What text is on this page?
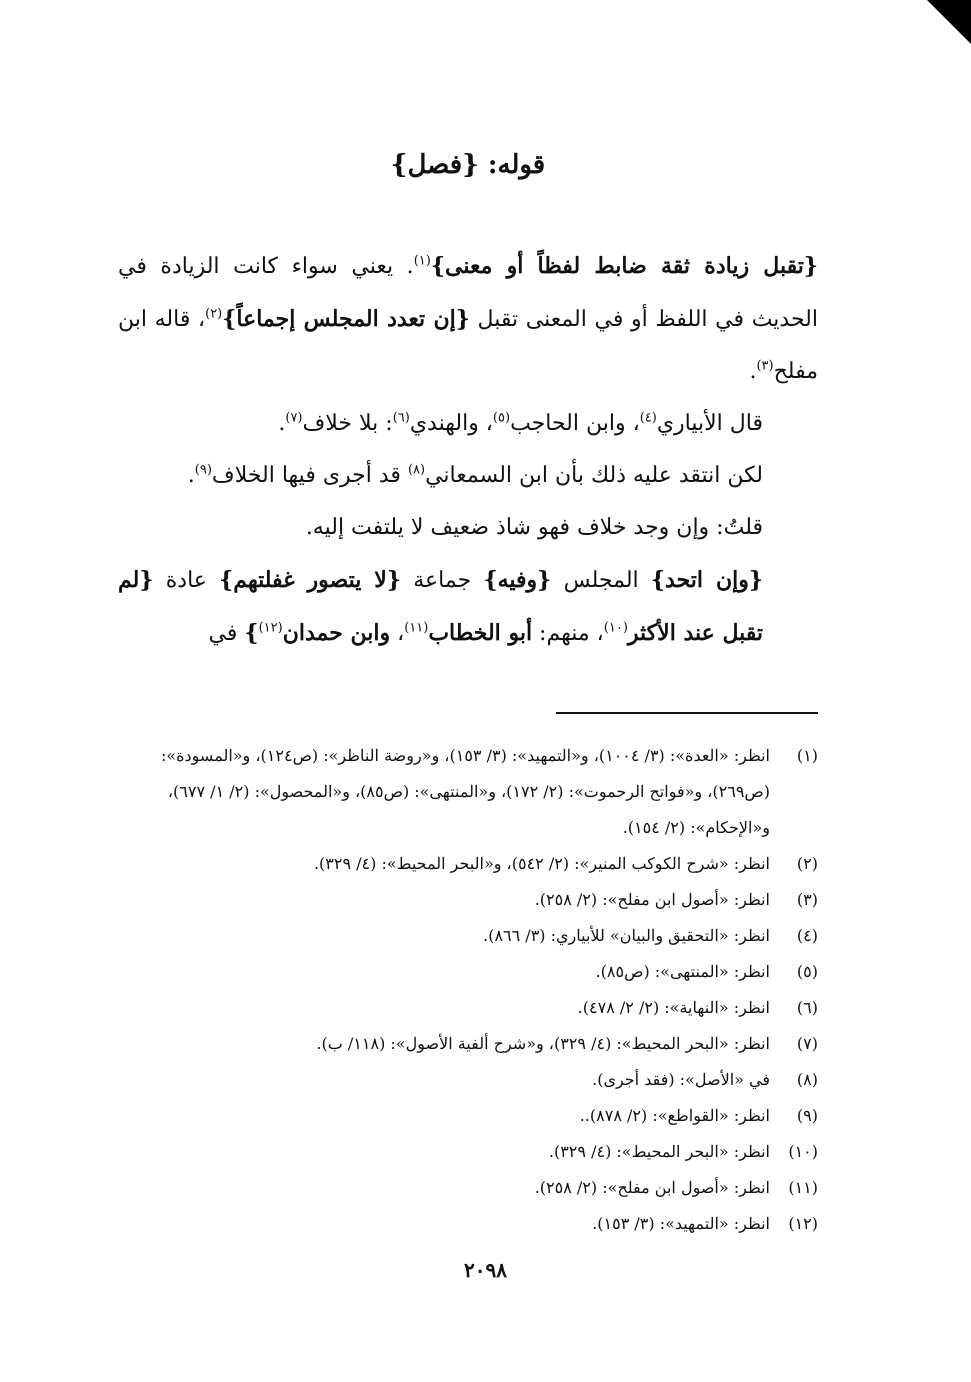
قوله: {فصل}

{تقبل زيادة ثقة ضابط لفظاً أو معنى}$^{(١)}$. يعني سواء كانت الزيادة في الحديث في اللفظ أو في المعنى تقبل {إن تعدد المجلس إجماعاً}$^{(٢)}$، قاله ابن مفلح$^{(٣)}$.

قال الأبياري$^{(٤)}$، وابن الحاجب$^{(٥)}$، والهندي$^{(٦)}$: بلا خلاف$^{(٧)}$.

لكن انتقد عليه ذلك بأن ابن السمعاني$^{(٨)}$ قد أجرى فيها الخلاف$^{(٩)}$.

قلتُ: وإن وجد خلاف فهو شاذ ضعيف لا يلتفت إليه.

{وإن اتحد} المجلس {وفيه} جماعة {لا يتصور غفلتهم} عادة {لم تقبل عند الأكثر$^{(١٠)}$، منهم: أبو الخطاب$^{(١١)}$، وابن حمدان$^{(١٢)}$} في

(١)
انظر: «العدة»: (٣/ ١٠٠٤)، و«التمهيد»: (٣/ ١٥٣)، و«روضة الناظر»: (ص١٢٤)، و«المسودة»: (ص٢٦٩)، و«فواتح الرحموت»: (٢/ ١٧٢)، و«المنتهى»: (ص٨٥)، و«المحصول»: (٢/ ١/ ٦٧٧)، و«الإحكام»: (٢/ ١٥٤).
(٢)
انظر: «شرح الكوكب المنير»: (٢/ ٥٤٢)، و«البحر المحيط»: (٤/ ٣٢٩).
(٣)
انظر: «أصول ابن مفلح»: (٢/ ٢٥٨).
(٤)
انظر: «التحقيق والبيان» للأبياري: (٣/ ٨٦٦).
(٥)
انظر: «المنتهى»: (ص٨٥).
(٦)
انظر: «النهاية»: (٢/ ٢/ ٤٧٨).
(٧)
انظر: «البحر المحيط»: (٤/ ٣٢٩)، و«شرح ألفية الأصول»: (١١٨/ ب).
(٨)
في «الأصل»: (فقد أجرى).
(٩)
انظر: «القواطع»: (٢/ ٨٧٨)..
(١٠)
انظر: «البحر المحيط»: (٤/ ٣٢٩).
(١١)
انظر: «أصول ابن مفلح»: (٢/ ٢٥٨).
(١٢)
انظر: «التمهيد»: (٣/ ١٥٣).
٢٠٩٨
